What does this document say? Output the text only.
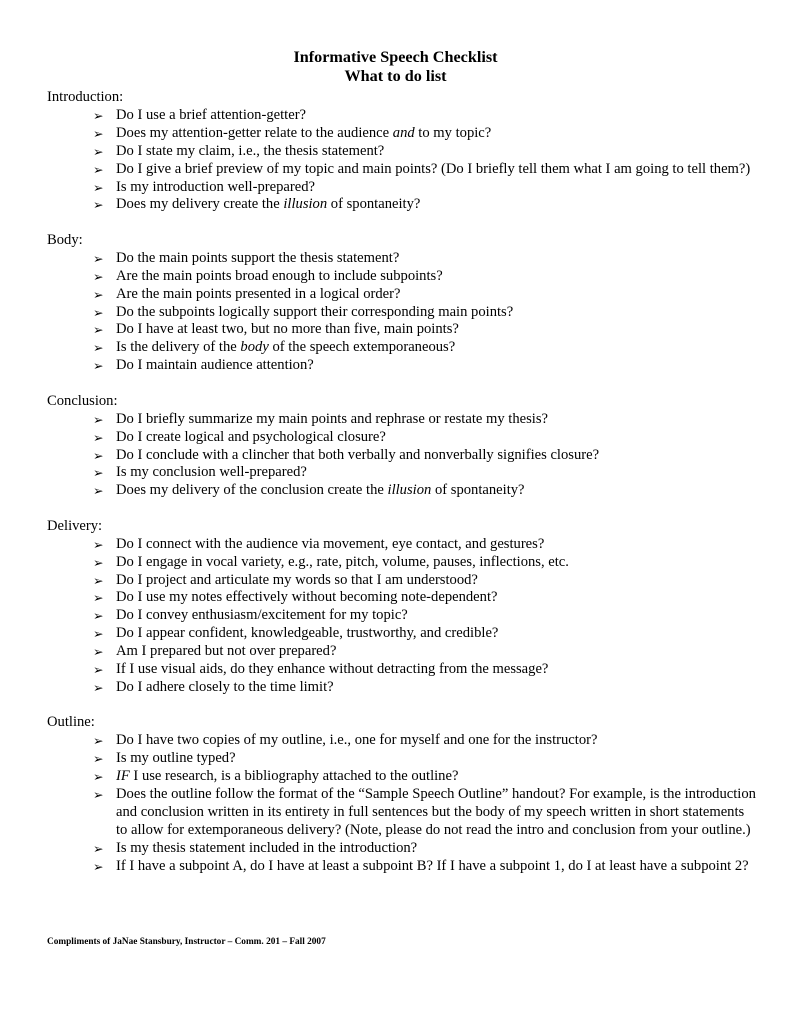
Informative Speech Checklist
What to do list
Introduction:
➢ Do I use a brief attention-getter?
➢ Does my attention-getter relate to the audience and to my topic?
➢ Do I state my claim, i.e., the thesis statement?
➢ Do I give a brief preview of my topic and main points? (Do I briefly tell them what I am going to tell them?)
➢ Is my introduction well-prepared?
➢ Does my delivery create the illusion of spontaneity?
Body:
➢ Do the main points support the thesis statement?
➢ Are the main points broad enough to include subpoints?
➢ Are the main points presented in a logical order?
➢ Do the subpoints logically support their corresponding main points?
➢ Do I have at least two, but no more than five, main points?
➢ Is the delivery of the body of the speech extemporaneous?
➢ Do I maintain audience attention?
Conclusion:
➢ Do I briefly summarize my main points and rephrase or restate my thesis?
➢ Do I create logical and psychological closure?
➢ Do I conclude with a clincher that both verbally and nonverbally signifies closure?
➢ Is my conclusion well-prepared?
➢ Does my delivery of the conclusion create the illusion of spontaneity?
Delivery:
➢ Do I connect with the audience via movement, eye contact, and gestures?
➢ Do I engage in vocal variety, e.g., rate, pitch, volume, pauses, inflections, etc.
➢ Do I project and articulate my words so that I am understood?
➢ Do I use my notes effectively without becoming note-dependent?
➢ Do I convey enthusiasm/excitement for my topic?
➢ Do I appear confident, knowledgeable, trustworthy, and credible?
➢ Am I prepared but not over prepared?
➢ If I use visual aids, do they enhance without detracting from the message?
➢ Do I adhere closely to the time limit?
Outline:
➢ Do I have two copies of my outline, i.e., one for myself and one for the instructor?
➢ Is my outline typed?
➢ IF I use research, is a bibliography attached to the outline?
➢ Does the outline follow the format of the “Sample Speech Outline” handout? For example, is the introduction and conclusion written in its entirety in full sentences but the body of my speech written in short statements to allow for extemporaneous delivery? (Note, please do not read the intro and conclusion from your outline.)
➢ Is my thesis statement included in the introduction?
➢ If I have a subpoint A, do I have at least a subpoint B? If I have a subpoint 1, do I at least have a subpoint 2?
Compliments of JaNae Stansbury, Instructor – Comm. 201 – Fall 2007
